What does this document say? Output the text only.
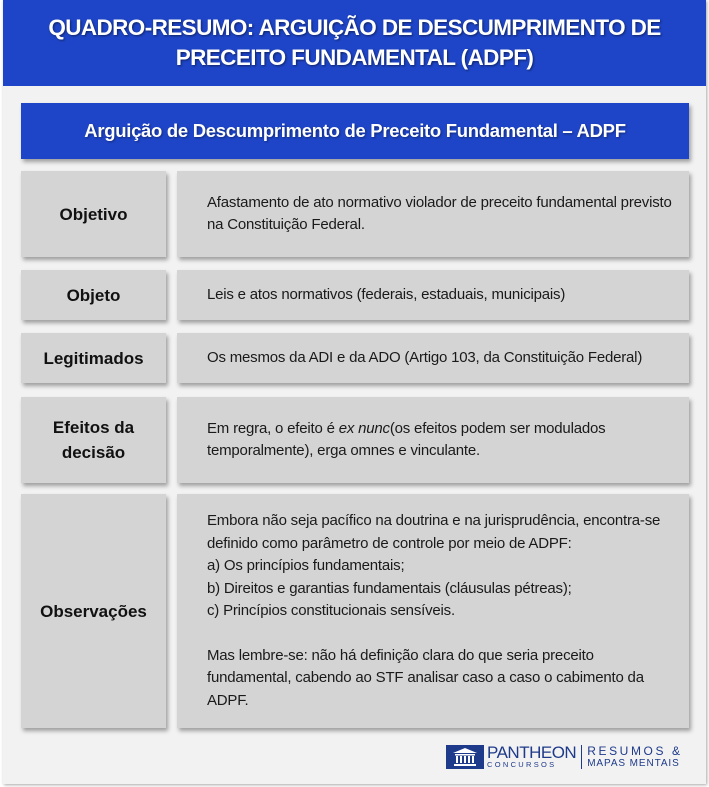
QUADRO-RESUMO: ARGUIÇÃO DE DESCUMPRIMENTO DE
PRECEITO FUNDAMENTAL (ADPF)
Arguição de Descumprimento de Preceito Fundamental – ADPF
Objetivo
Afastamento de ato normativo violador de preceito fundamental previsto na Constituição Federal.
Objeto	Leis e atos normativos (federais, estaduais, municipais)
Legitimados	Os mesmos da ADI e da ADO (Artigo 103, da Constituição Federal)
Efeitos da decisão
Em regra, o efeito é ex nunc(os efeitos podem ser modulados temporalmente), erga omnes e vinculante.
Observações

Embora não seja pacífico na doutrina e na jurisprudência, encontra-se definido como parâmetro de controle por meio de ADPF:

a) Os princípios fundamentais;

b) Direitos e garantias fundamentais (cláusulas pétreas);

c) Princípios constitucionais sensíveis.

Mas lembre-se: não há definição clara do que seria preceito fundamental, cabendo ao STF analisar caso a caso o cabimento da ADPF.

PANTHEON
CONCURSOS
RESUMOS &
MAPAS MENTAIS
